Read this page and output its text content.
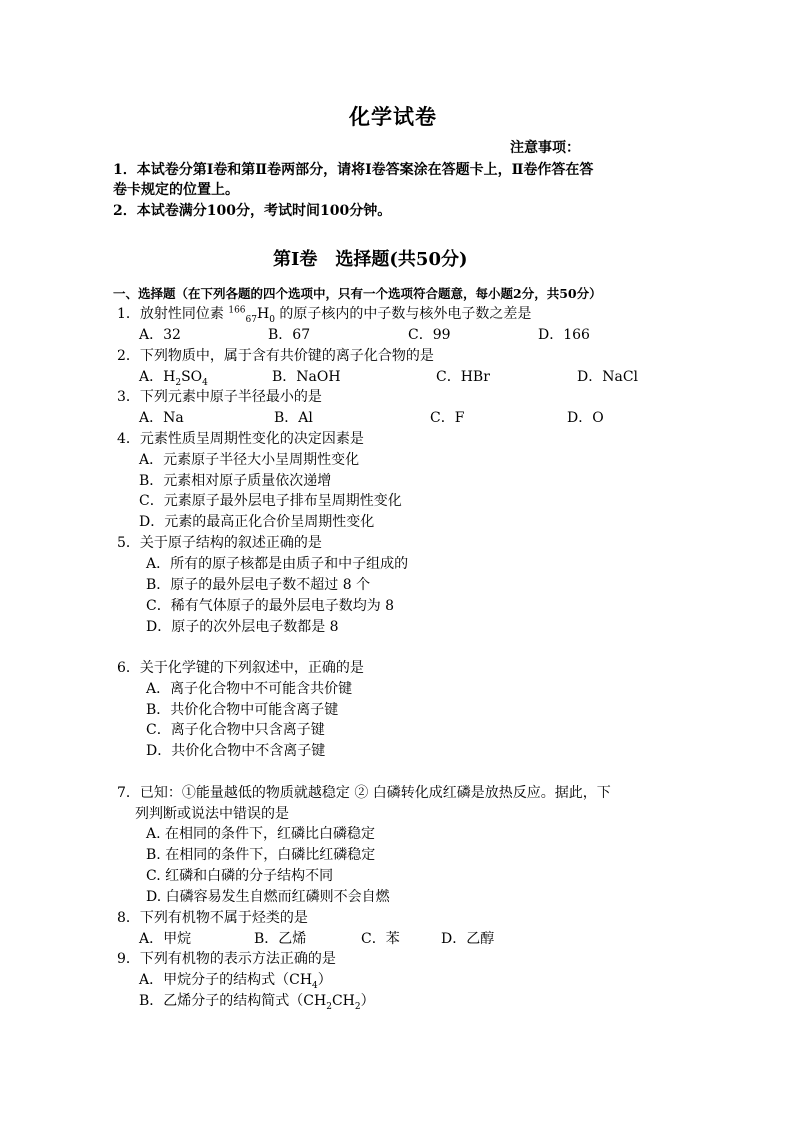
化学试卷
注意事项：
1．本试卷分第Ⅰ卷和第Ⅱ卷两部分，请将Ⅰ卷答案涂在答题卡上，Ⅱ卷作答在答
卷卡规定的位置上。
2．本试卷满分100分，考试时间100分钟。
第Ⅰ卷　选择题(共50分)
一、选择题（在下列各题的四个选项中，只有一个选项符合题意，每小题2分，共50分）
1．放射性同位素 $^{166}_{67}H_0$ 的原子核内的中子数与核外电子数之差是
A．32	B．67	C．99	D．166
2．下列物质中，属于含有共价键的离子化合物的是
A．$H_2SO_4$	B．NaOH	C．HBr	D．NaCl
3．下列元素中原子半径最小的是
A．Na	B．Al	C．F	D．O
4．元素性质呈周期性变化的决定因素是
A．元素原子半径大小呈周期性变化
B．元素相对原子质量依次递增
C．元素原子最外层电子排布呈周期性变化
D．元素的最高正化合价呈周期性变化
5．关于原子结构的叙述正确的是
A．所有的原子核都是由质子和中子组成的
B．原子的最外层电子数不超过 8 个
C．稀有气体原子的最外层电子数均为 8
D．原子的次外层电子数都是 8
6．关于化学键的下列叙述中，正确的是
A．离子化合物中不可能含共价键
B．共价化合物中可能含离子键
C．离子化合物中只含离子键
D．共价化合物中不含离子键
7．已知：①能量越低的物质就越稳定 ② 白磷转化成红磷是放热反应。据此，下
列判断或说法中错误的是
A. 在相同的条件下，红磷比白磷稳定
B. 在相同的条件下，白磷比红磷稳定
C. 红磷和白磷的分子结构不同
D. 白磷容易发生自燃而红磷则不会自燃
8．下列有机物不属于烃类的是
A．甲烷	B．乙烯	C．苯	D．乙醇
9．下列有机物的表示方法正确的是
A．甲烷分子的结构式$(CH_4)$
B．乙烯分子的结构简式$(CH_2CH_2)$
